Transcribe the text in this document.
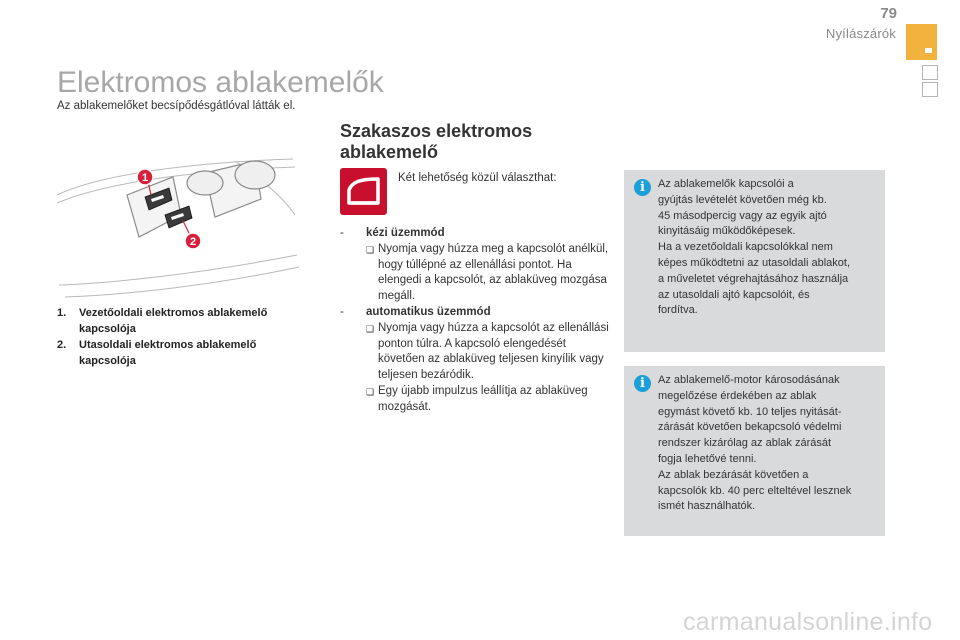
79
Nyílászárók
Elektromos ablakemelők
Az ablakemelőket becsípődésgátlóval látták el.
1
2
1.	Vezetőoldali elektromos ablakemelő kapcsolója
2.	Utasoldali elektromos ablakemelő kapcsolója
Szakaszos elektromos ablakemelő
Két lehetőség közül választhat:
-	kézi üzemmód
❑ Nyomja vagy húzza meg a kapcsolót anélkül, hogy túllépné az ellenállási pontot. Ha elengedi a kapcsolót, az ablaküveg mozgása megáll.
-	automatikus üzemmód
❑ Nyomja vagy húzza a kapcsolót az ellenállási ponton túlra. A kapcsoló elengedését követően az ablaküveg teljesen kinyílik vagy teljesen bezáródik.
❑ Egy újabb impulzus leállítja az ablaküveg mozgását.
i	Az ablakemelők kapcsolói a
gyújtás levételét követően még kb.
45 másodpercig vagy az egyik ajtó
kinyitásáig működőképesek.
Ha a vezetőoldali kapcsolókkal nem
képes működtetni az utasoldali ablakot,
a műveletet végrehajtásához használja
az utasoldali ajtó kapcsolóit, és
fordítva.
i	Az ablakemelő-motor károsodásának
megelőzése érdekében az ablak
egymást követő kb. 10 teljes nyitását-
zárását követően bekapcsoló védelmi
rendszer kizárólag az ablak zárását
fogja lehetővé tenni.
Az ablak bezárását követően a
kapcsolók kb. 40 perc elteltével lesznek
ismét használhatók.
carmanualsonline.info
